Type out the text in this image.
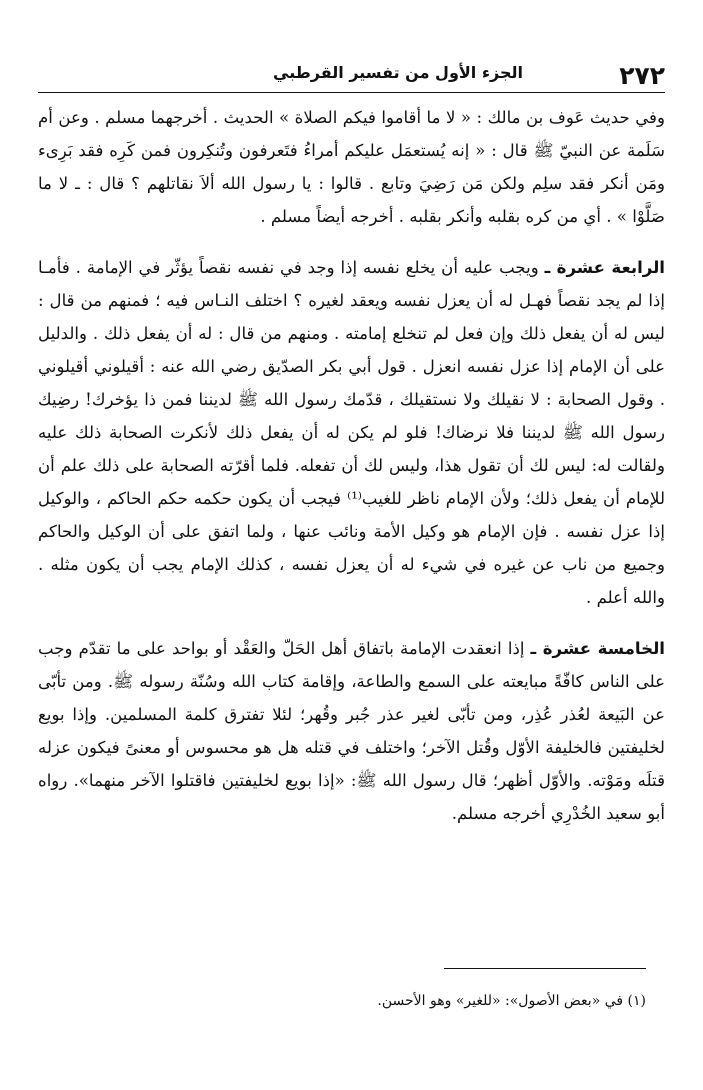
٢٧٢
الجزء الأول من تفسير القرطبي

وفي حديث عَوف بن مالك : « لا ما أقاموا فيكم الصلاة » الحديث . أخرجهما مسلم . وعن أم سَلَمة عن النبيّ ﷺ قال : « إنه يُستعمَل عليكم أمراءُ فتَعرفون وتُنكِرون فمن كَرِه فقد بَرِىء ومَن أنكر فقد سلِم ولكن مَن رَضِيَ وتابع . قالوا : يا رسول الله ألاَ نقاتلهم ؟ قال : ـ لا ما صَلَّوْا » . أي من كره بقلبه وأنكر بقلبه . أخرجه أيضاً مسلم .

الرابعة عشرة ـ ويجب عليه أن يخلع نفسه إذا وجد في نفسه نقصاً يؤثّر في الإمامة . فأمـا إذا لم يجد نقصاً فهـل له أن يعزل نفسه ويعقد لغيره ؟ اختلف النـاس فيه ؛ فمنهم من قال : ليس له أن يفعل ذلك وإن فعل لم تنخلع إمامته . ومنهم من قال : له أن يفعل ذلك . والدليل على أن الإمام إذا عزل نفسه انعزل . قول أبي بكر الصدّيق رضي الله عنه : أقيلوني أقيلوني . وقول الصحابة : لا نقيلك ولا نستقيلك ، قدّمك رسول الله ﷺ لديننا فمن ذا يؤخرك! رضِيك رسول الله ﷺ لديننا فلا نرضاك! فلو لم يكن له أن يفعل ذلك لأنكرت الصحابة ذلك عليه ولقالت له: ليس لك أن تقول هذا، وليس لك أن تفعله. فلما أقرّته الصحابة على ذلك علم أن للإمام أن يفعل ذلك؛ ولأن الإمام ناظر للغيب⁽¹⁾ فيجب أن يكون حكمه حكم الحاكم ، والوكيل إذا عزل نفسه . فإن الإمام هو وكيل الأمة ونائب عنها ، ولما اتفق على أن الوكيل والحاكم وجميع من ناب عن غيره في شيء له أن يعزل نفسه ، كذلك الإمام يجب أن يكون مثله . والله أعلم .

الخامسة عشرة ـ إذا انعقدت الإمامة باتفاق أهل الحَلّ والعَقْد أو بواحد على ما تقدّم وجب على الناس كافّةً مبايعته على السمع والطاعة، وإقامة كتاب الله وسُنّة رسوله ﷺ. ومن تأبّى عن البَيعة لعُذر عُذِر، ومن تأبّى لغير عذر جُبر وقُهر؛ لئلا تفترق كلمة المسلمين. وإذا بويع لخليفتين فالخليفة الأوّل وقُتل الآخر؛ واختلف في قتله هل هو محسوس أو معنىً فيكون عزله قتلَه ومَوْته. والأوّل أظهر؛ قال رسول الله ﷺ: «إذا بويع لخليفتين فاقتلوا الآخر منهما». رواه أبو سعيد الخُدْرِي أخرجه مسلم.

(١) في «بعض الأصول»: «للغير» وهو الأحسن.
